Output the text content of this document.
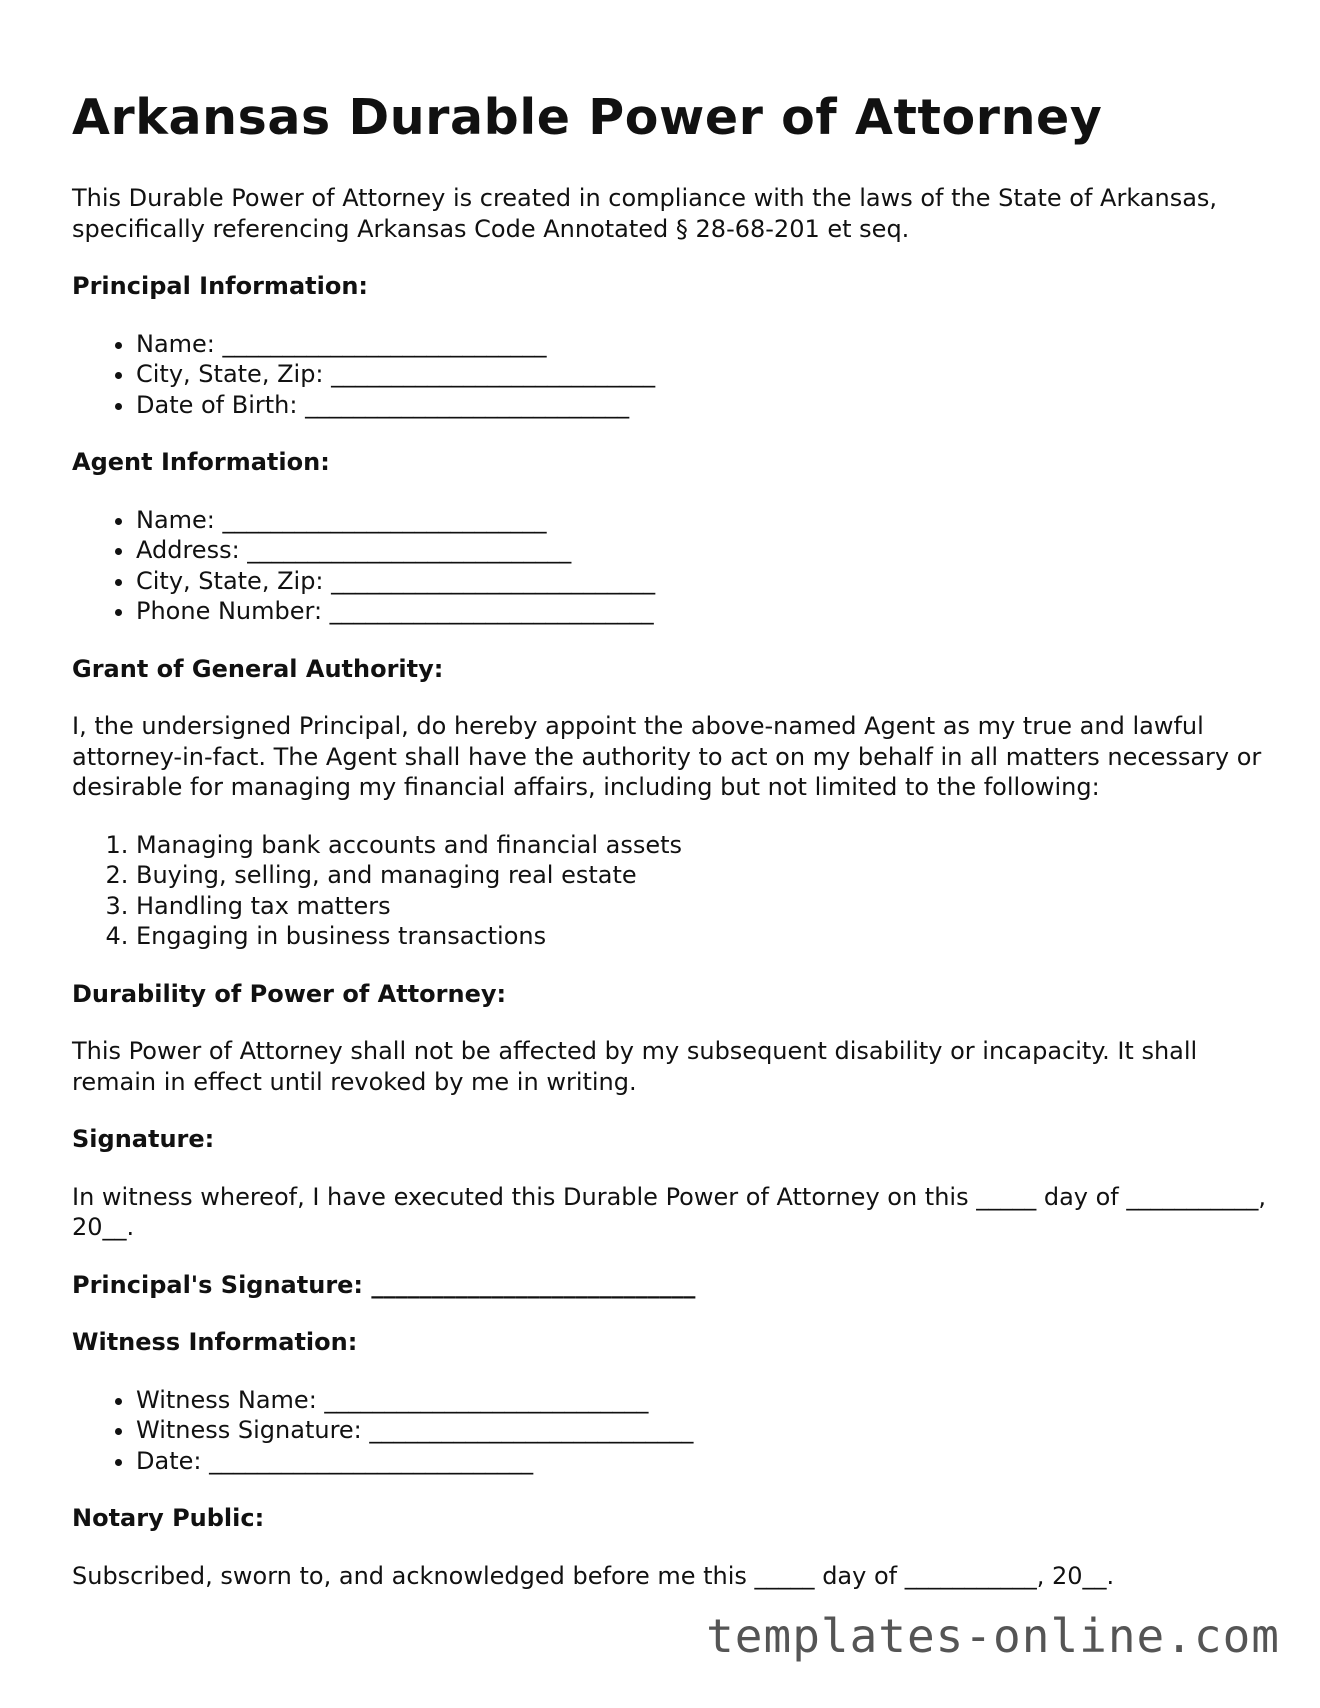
Arkansas Durable Power of Attorney

This Durable Power of Attorney is created in compliance with the laws of the State of Arkansas, specifically referencing Arkansas Code Annotated § 28-68-201 et seq.

Principal Information:
• Name: ___________________________
• City, State, Zip: ___________________________
• Date of Birth: ___________________________
Agent Information:
• Name: ___________________________
• Address: ___________________________
• City, State, Zip: ___________________________
• Phone Number: ___________________________
Grant of General Authority:

I, the undersigned Principal, do hereby appoint the above-named Agent as my true and lawful attorney-in-fact. The Agent shall have the authority to act on my behalf in all matters necessary or desirable for managing my financial affairs, including but not limited to the following:

1. Managing bank accounts and financial assets
2. Buying, selling, and managing real estate
3. Handling tax matters
4. Engaging in business transactions
Durability of Power of Attorney:

This Power of Attorney shall not be affected by my subsequent disability or incapacity. It shall remain in effect until revoked by me in writing.

Signature:

In witness whereof, I have executed this Durable Power of Attorney on this _____ day of ___________, 20__.

Principal's Signature: ___________________________
Witness Information:
• Witness Name: ___________________________
• Witness Signature: ___________________________
• Date: ___________________________
Notary Public:

Subscribed, sworn to, and acknowledged before me this _____ day of ___________, 20__.

templates-online.com
